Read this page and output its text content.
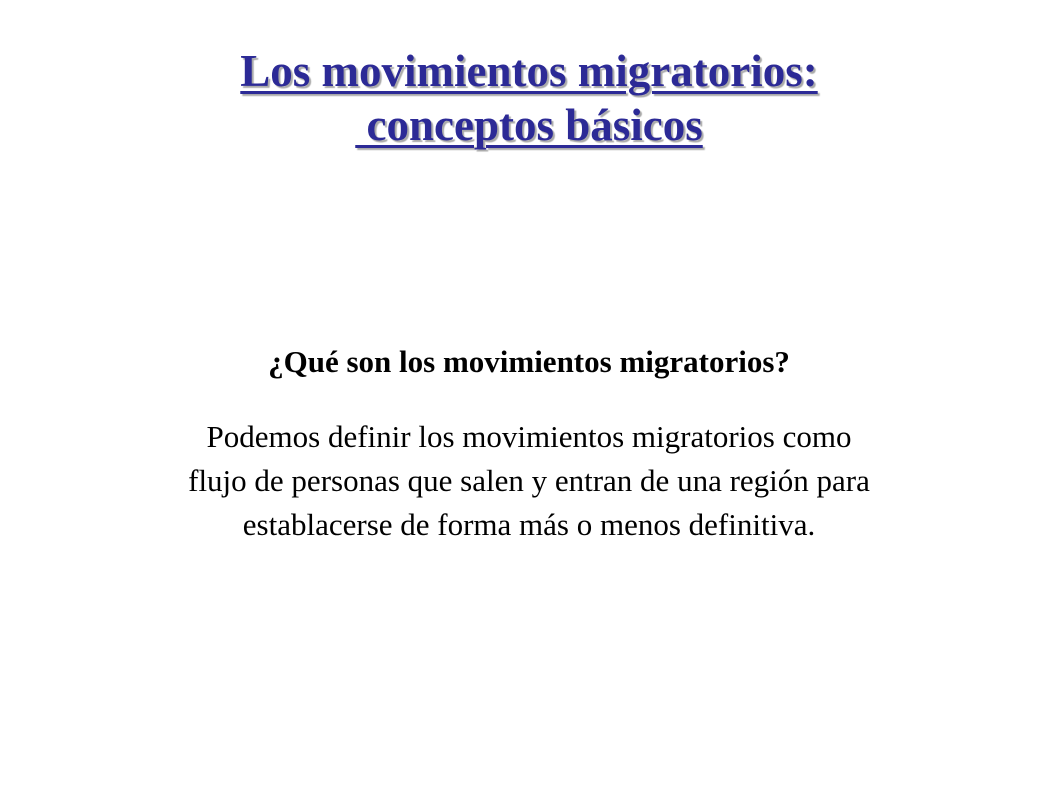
Los movimientos migratorios:
conceptos básicos
¿Qué son los movimientos migratorios?
Podemos definir los movimientos migratorios como
flujo de personas que salen y entran de una región para
establacerse de forma más o menos definitiva.
